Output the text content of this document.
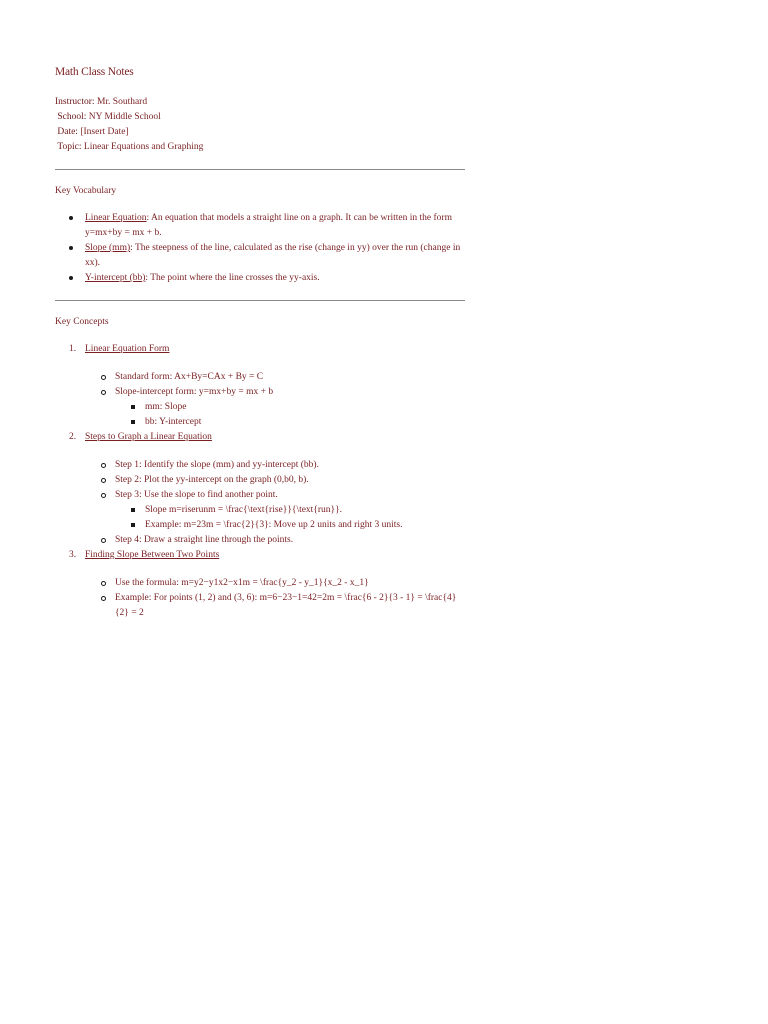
Math Class Notes
Instructor: Mr. Southard
School: NY Middle School
Date: [Insert Date]
Topic: Linear Equations and Graphing
Key Vocabulary
Linear Equation: An equation that models a straight line on a graph. It can be written in the form y=mx+by = mx + b.
Slope (mm): The steepness of the line, calculated as the rise (change in yy) over the run (change in xx).
Y-intercept (bb): The point where the line crosses the yy-axis.
Key Concepts
1. Linear Equation Form
Standard form: Ax+By=CAx + By = C
Slope-intercept form: y=mx+by = mx + b
mm: Slope
bb: Y-intercept
2. Steps to Graph a Linear Equation
Step 1: Identify the slope (mm) and yy-intercept (bb).
Step 2: Plot the yy-intercept on the graph (0,b0, b).
Step 3: Use the slope to find another point.
Slope m=riserunm = \frac{\text{rise}}{\text{run}}.
Example: m=23m = \frac{2}{3}: Move up 2 units and right 3 units.
Step 4: Draw a straight line through the points.
3. Finding Slope Between Two Points
Use the formula: m=y2−y1x2−x1m = \frac{y_2 - y_1}{x_2 - x_1}
Example: For points (1, 2) and (3, 6): m=6−23−1=42=2m = \frac{6 - 2}{3 - 1} = \frac{4}{2} = 2
